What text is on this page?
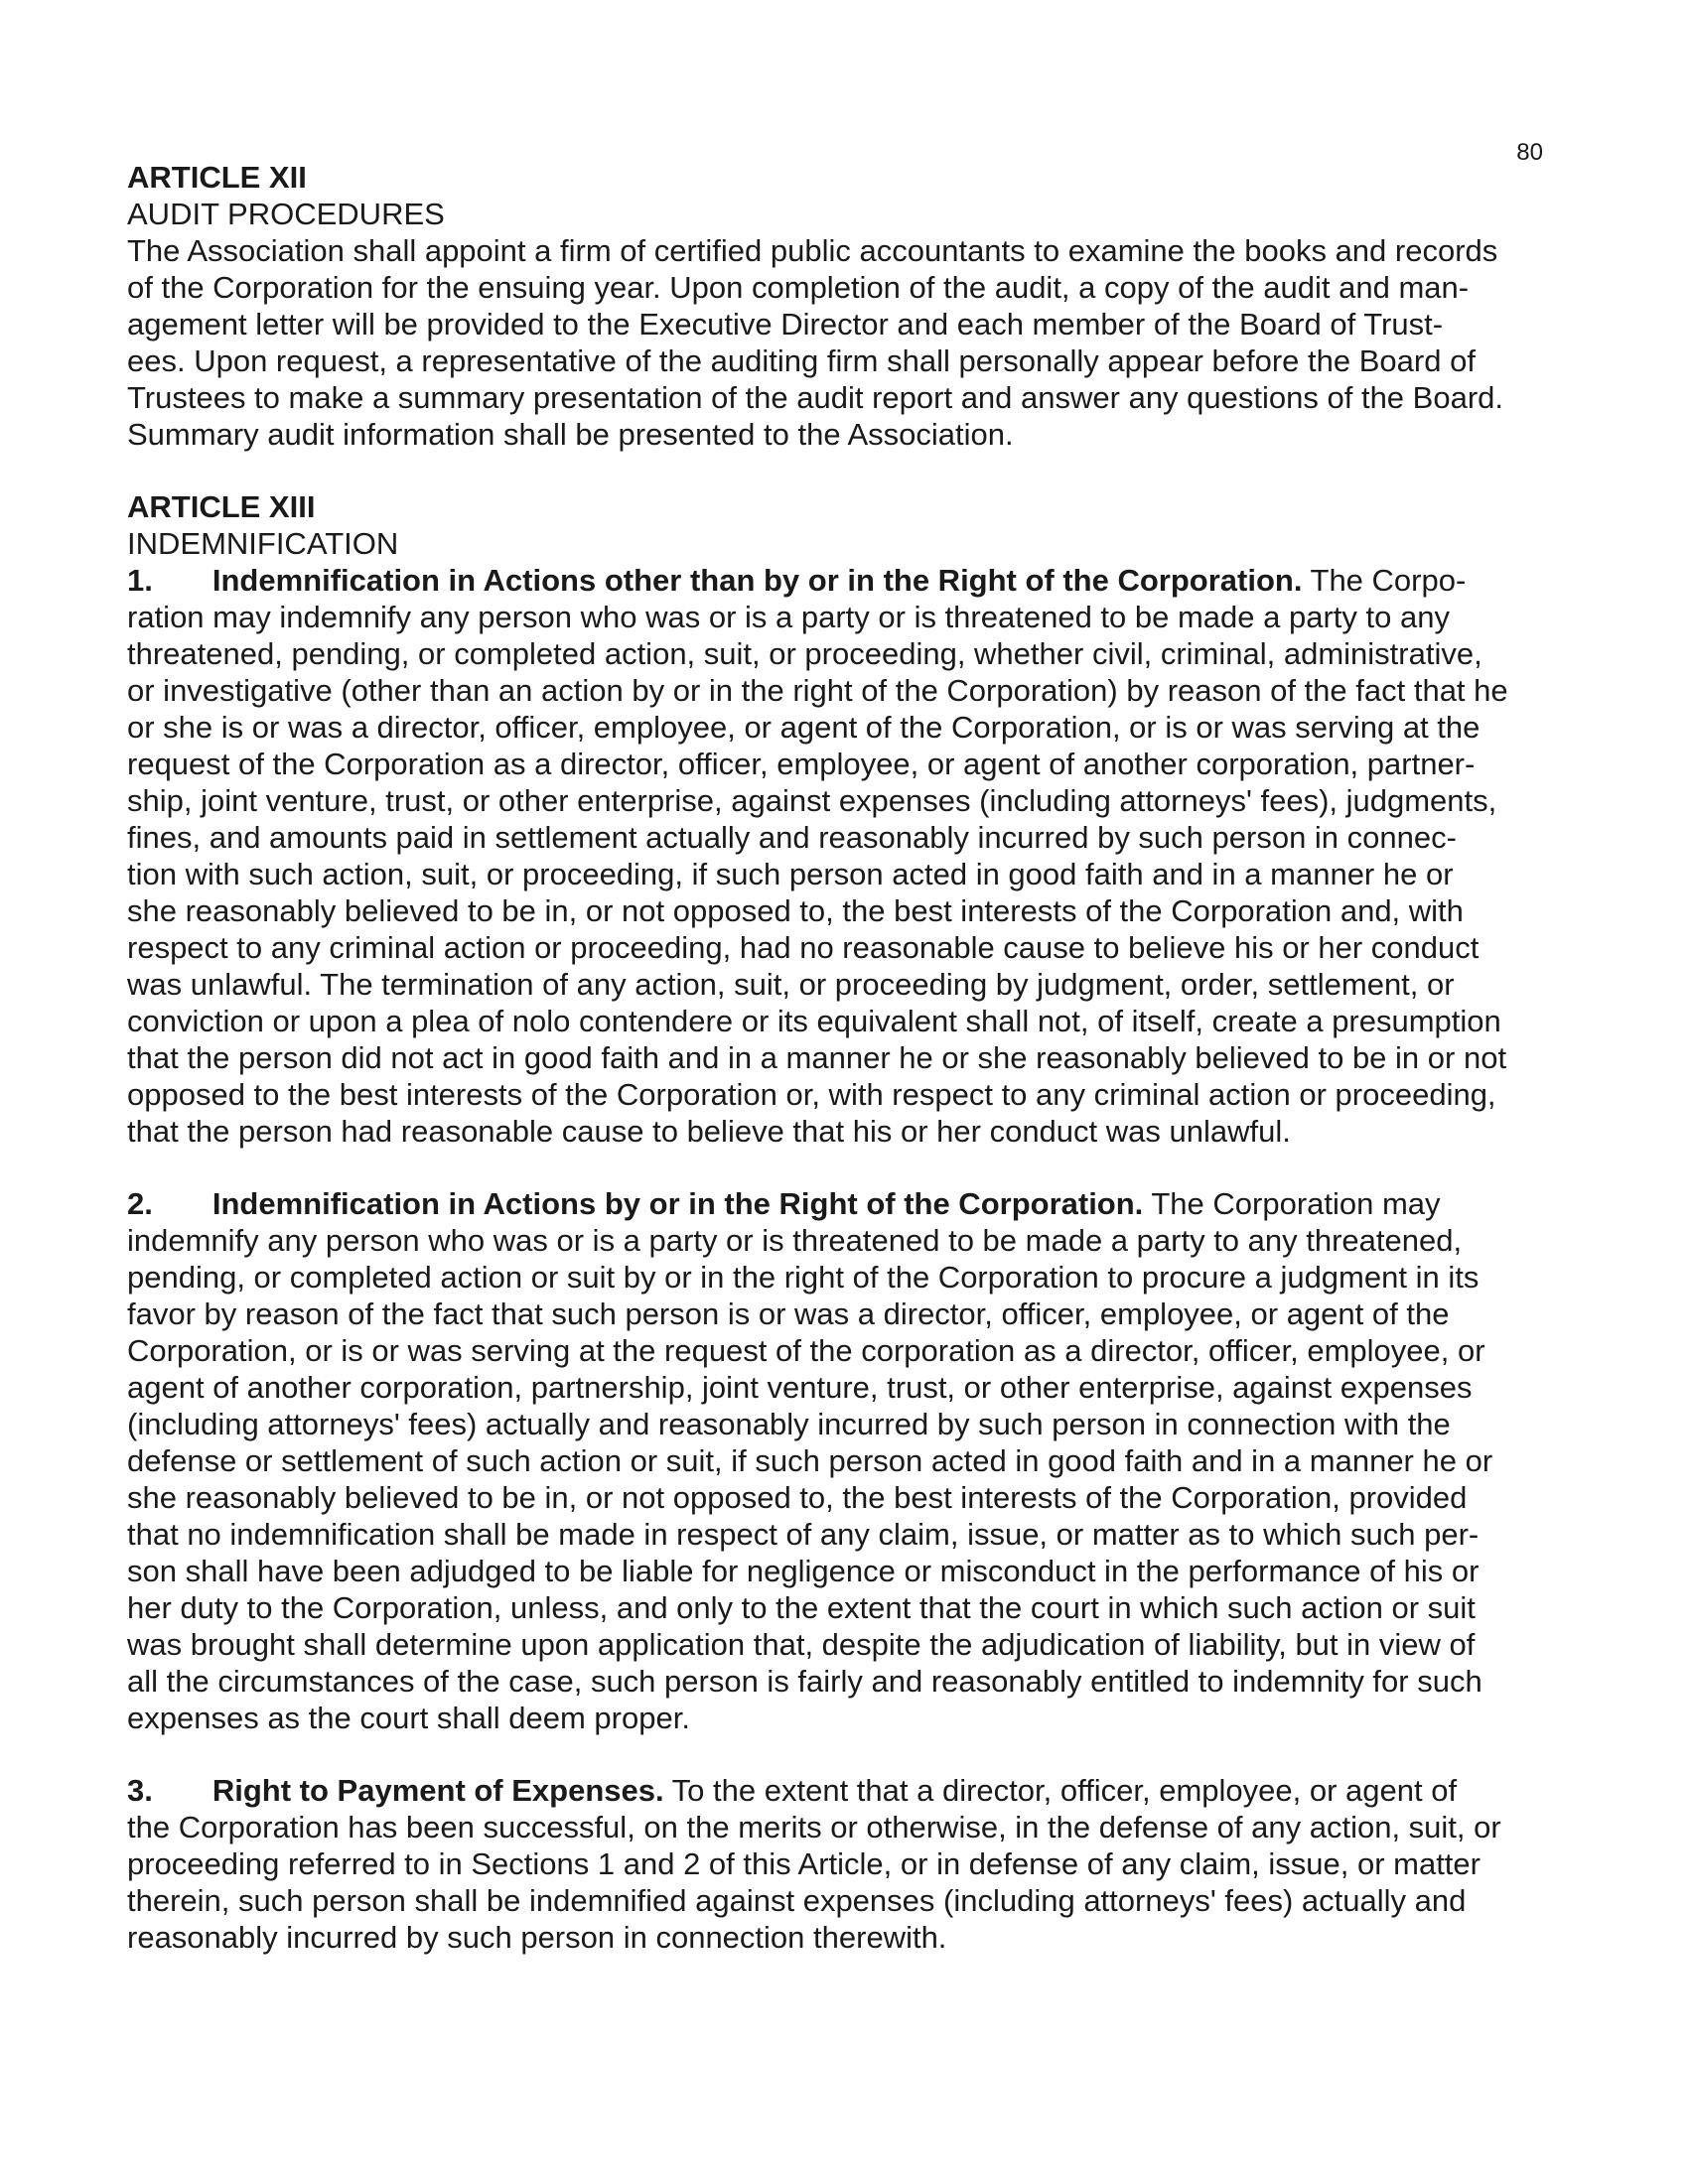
80
ARTICLE XII
AUDIT PROCEDURES
The Association shall appoint a firm of certified public accountants to examine the books and records
of the Corporation for the ensuing year. Upon completion of the audit, a copy of the audit and man-
agement letter will be provided to the Executive Director and each member of the Board of Trust-
ees. Upon request, a representative of the auditing firm shall personally appear before the Board of
Trustees to make a summary presentation of the audit report and answer any questions of the Board.
Summary audit information shall be presented to the Association.
ARTICLE XIII
INDEMNIFICATION
1. Indemnification in Actions other than by or in the Right of the Corporation. The Corpo-
ration may indemnify any person who was or is a party or is threatened to be made a party to any
threatened, pending, or completed action, suit, or proceeding, whether civil, criminal, administrative,
or investigative (other than an action by or in the right of the Corporation) by reason of the fact that he
or she is or was a director, officer, employee, or agent of the Corporation, or is or was serving at the
request of the Corporation as a director, officer, employee, or agent of another corporation, partner-
ship, joint venture, trust, or other enterprise, against expenses (including attorneys' fees), judgments,
fines, and amounts paid in settlement actually and reasonably incurred by such person in connec-
tion with such action, suit, or proceeding, if such person acted in good faith and in a manner he or
she reasonably believed to be in, or not opposed to, the best interests of the Corporation and, with
respect to any criminal action or proceeding, had no reasonable cause to believe his or her conduct
was unlawful. The termination of any action, suit, or proceeding by judgment, order, settlement, or
conviction or upon a plea of nolo contendere or its equivalent shall not, of itself, create a presumption
that the person did not act in good faith and in a manner he or she reasonably believed to be in or not
opposed to the best interests of the Corporation or, with respect to any criminal action or proceeding,
that the person had reasonable cause to believe that his or her conduct was unlawful.
2. Indemnification in Actions by or in the Right of the Corporation. The Corporation may
indemnify any person who was or is a party or is threatened to be made a party to any threatened,
pending, or completed action or suit by or in the right of the Corporation to procure a judgment in its
favor by reason of the fact that such person is or was a director, officer, employee, or agent of the
Corporation, or is or was serving at the request of the corporation as a director, officer, employee, or
agent of another corporation, partnership, joint venture, trust, or other enterprise, against expenses
(including attorneys' fees) actually and reasonably incurred by such person in connection with the
defense or settlement of such action or suit, if such person acted in good faith and in a manner he or
she reasonably believed to be in, or not opposed to, the best interests of the Corporation, provided
that no indemnification shall be made in respect of any claim, issue, or matter as to which such per-
son shall have been adjudged to be liable for negligence or misconduct in the performance of his or
her duty to the Corporation, unless, and only to the extent that the court in which such action or suit
was brought shall determine upon application that, despite the adjudication of liability, but in view of
all the circumstances of the case, such person is fairly and reasonably entitled to indemnity for such
expenses as the court shall deem proper.
3. Right to Payment of Expenses. To the extent that a director, officer, employee, or agent of
the Corporation has been successful, on the merits or otherwise, in the defense of any action, suit, or
proceeding referred to in Sections 1 and 2 of this Article, or in defense of any claim, issue, or matter
therein, such person shall be indemnified against expenses (including attorneys' fees) actually and
reasonably incurred by such person in connection therewith.
